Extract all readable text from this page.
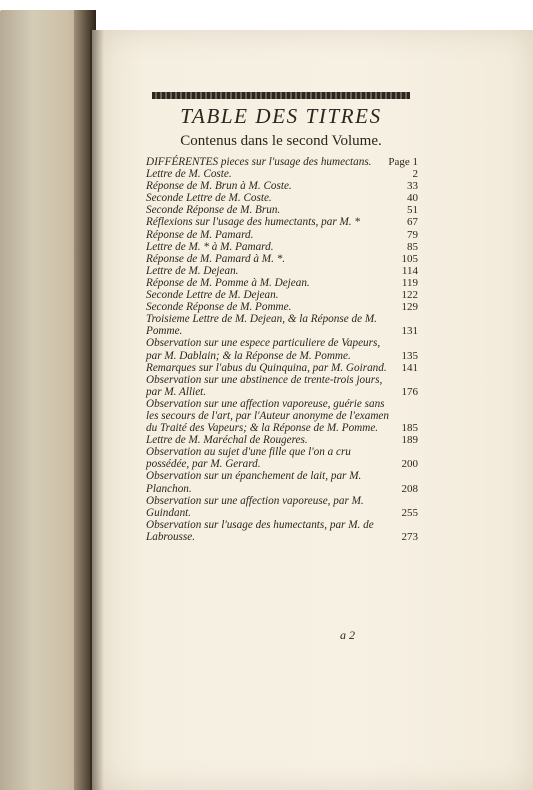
TABLE DES TITRES
Contenus dans le second Volume.
DIFFÉRENTES pieces sur l'usage des humectans. Page 1
Lettre de M. Coste.	2
Réponse de M. Brun à M. Coste.	33
Seconde Lettre de M. Coste.	40
Seconde Réponse de M. Brun.	51
Réflexions sur l'usage des humectants, par M. *	67
Réponse de M. Pamard.	79
Lettre de M. * à M. Pamard.	85
Réponse de M. Pamard à M. *.	105
Lettre de M. Dejean.	114
Réponse de M. Pomme à M. Dejean.	119
Seconde Lettre de M. Dejean.	122
Seconde Réponse de M. Pomme.	129
Troisieme Lettre de M. Dejean, & la Réponse de M. Pomme.	131
Observation sur une espece particuliere de Vapeurs, par M. Dablain; & la Réponse de M. Pomme.	135
Remarques sur l'abus du Quinquina, par M. Goirand. 141
Observation sur une abstinence de trente-trois jours, par M. Alliet.	176
Observation sur une affection vaporeuse, guérie sans les secours de l'art, par l'Auteur anonyme de l'examen du Traité des Vapeurs; & la Réponse de M. Pomme. 185
Lettre de M. Maréchal de Rougeres.	189
Observation au sujet d'une fille que l'on a cru possédée, par M. Gerard.	200
Observation sur un épanchement de lait, par M. Planchon.	208
Observation sur une affection vaporeuse, par M. Guindant.	255
Observation sur l'usage des humectants, par M. de Labrousse.	273
a 2
